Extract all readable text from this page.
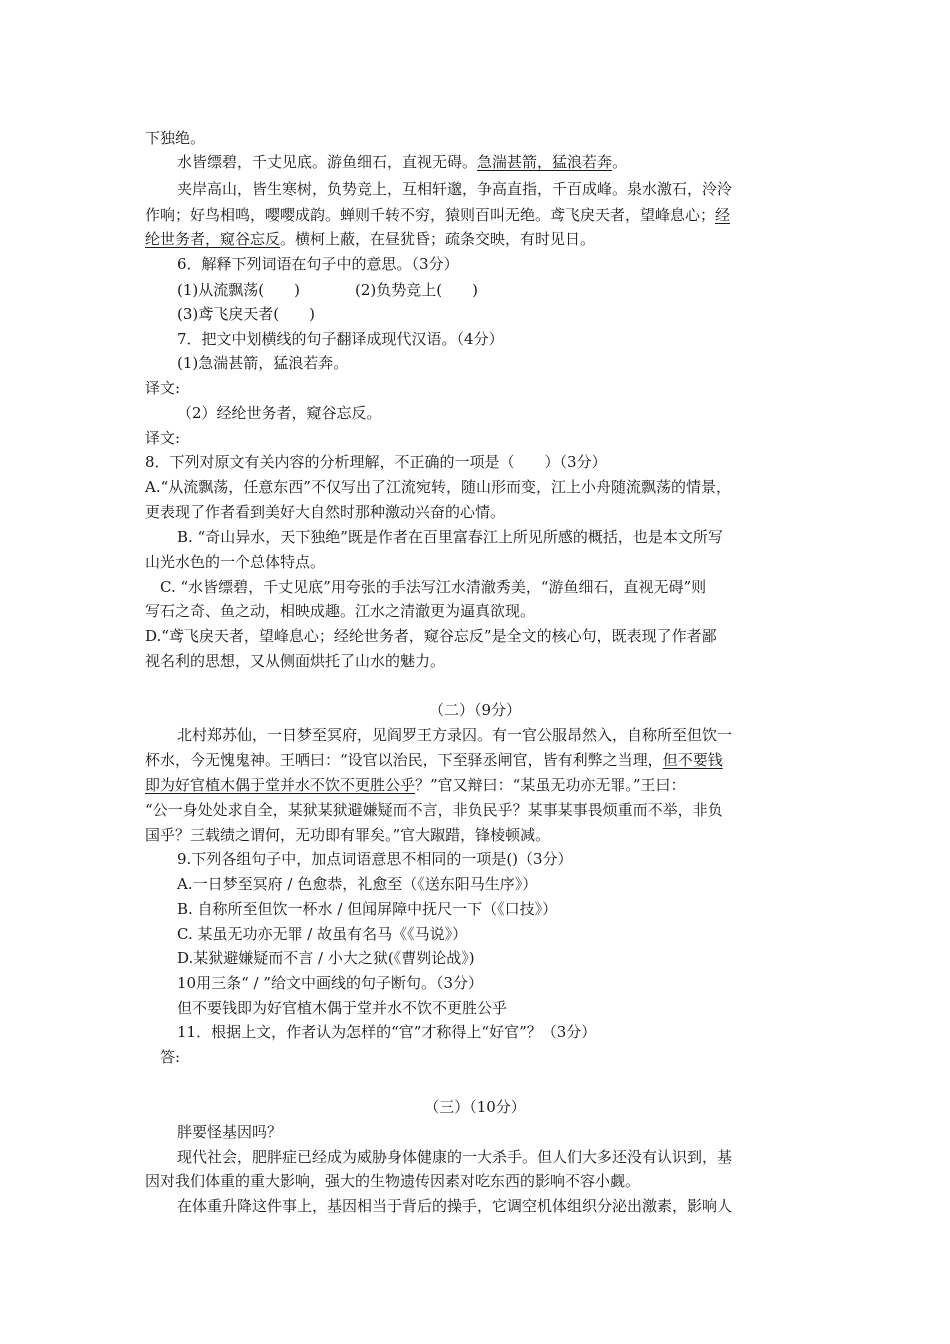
下独绝。
水皆缥碧，千丈见底。游鱼细石，直视无碍。急湍甚箭，猛浪若奔。
夹岸高山，皆生寒树，负势竞上，互相轩邈，争高直指，千百成峰。泉水激石，泠泠
作响；好鸟相鸣，嘤嘤成韵。蝉则千转不穷，猿则百叫无绝。鸢飞戾天者，望峰息心；经
纶世务者，窥谷忘反。横柯上蔽，在昼犹昏；疏条交映，有时见日。
6．解释下列词语在句子中的意思。（3分）
(1)从流飘荡(　　)	(2)负势竞上(　　)
(3)鸢飞戾天者(　　)
7．把文中划横线的句子翻译成现代汉语。（4分）
(1)急湍甚箭，猛浪若奔。
译文:
（2）经纶世务者，窥谷忘反。
译文:
8．下列对原文有关内容的分析理解，不正确的一项是（　　）（3分）
A.“从流飘荡，任意东西”不仅写出了江流宛转，随山形而变，江上小舟随流飘荡的情景，
更表现了作者看到美好大自然时那种激动兴奋的心情。
B. “奇山异水，天下独绝”既是作者在百里富春江上所见所感的概括，也是本文所写
山光水色的一个总体特点。
C. “水皆缥碧，千丈见底”用夸张的手法写江水清澈秀美，“游鱼细石，直视无碍”则
写石之奇、鱼之动，相映成趣。江水之清澈更为逼真欲现。
D.“鸢飞戾天者，望峰息心；经纶世务者，窥谷忘反”是全文的核心句，既表现了作者鄙
视名利的思想，又从侧面烘托了山水的魅力。
（二）（9分）
北村郑苏仙，一日梦至冥府，见阎罗王方录囚。有一官公服昂然入，自称所至但饮一
杯水，今无愧鬼神。王哂曰：“设官以治民，下至驿丞闸官，皆有利弊之当理，但不要钱
即为好官植木偶于堂并水不饮不更胜公乎？”官又辩曰：“某虽无功亦无罪。”王曰：
“公一身处处求自全，某狱某狱避嫌疑而不言，非负民乎？某事某事畏烦重而不举，非负
国乎？三载绩之谓何，无功即有罪矣。”官大踧踖，锋棱顿减。
9.下列各组句子中，加点词语意思不相同的一项是()（3分）
A.一日梦至冥府 / 色愈恭，礼愈至（《送东阳马生序》）
B. 自称所至但饮一杯水 / 但闻屏障中抚尺一下（《口技》）
C. 某虽无功亦无罪 / 故虽有名马《《马说》）
D.某狱避嫌疑而不言 / 小大之狱(《曹刿论战》)
10用三条“ / ”给文中画线的句子断句。（3分）
但不要钱即为好官植木偶于堂并水不饮不更胜公乎
11．根据上文，作者认为怎样的“官”才称得上“好官”？（3分）
答:
（三）（10分）
胖要怪基因吗？
现代社会，肥胖症已经成为威胁身体健康的一大杀手。但人们大多还没有认识到，基
因对我们体重的重大影响，强大的生物遗传因素对吃东西的影响不容小觑。
在体重升降这件事上，基因相当于背后的操手，它调空机体组织分泌出激素，影响人
